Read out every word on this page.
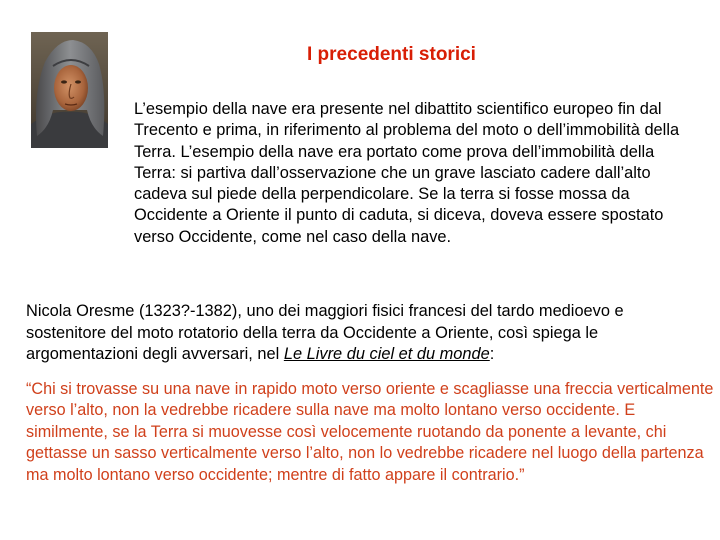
I precedenti storici

L’esempio della nave era presente nel dibattito scientifico europeo fin dal Trecento e prima, in riferimento al problema del moto o dell’immobilità della Terra. L’esempio della nave era portato come prova dell’immobilità della Terra: si partiva dall’osservazione che un grave lasciato cadere dall’alto cadeva sul piede della perpendicolare. Se la terra si fosse mossa da Occidente a Oriente il punto di caduta, si diceva, doveva essere spostato verso Occidente, come nel caso della nave.

Nicola Oresme (1323?-1382), uno dei maggiori fisici francesi del tardo medioevo e sostenitore del moto rotatorio della terra da Occidente a Oriente, così spiega le argomentazioni degli avversari, nel Le Livre du ciel et du monde:

“Chi si trovasse su una nave in rapido moto verso oriente e scagliasse una freccia verticalmente verso l’alto, non la vedrebbe ricadere sulla nave ma molto lontano verso occidente. E similmente, se la Terra si muovesse così velocemente ruotando da ponente a levante, chi gettasse un sasso verticalmente verso l’alto, non lo vedrebbe ricadere nel luogo della partenza ma molto lontano verso occidente; mentre di fatto appare il contrario.”
